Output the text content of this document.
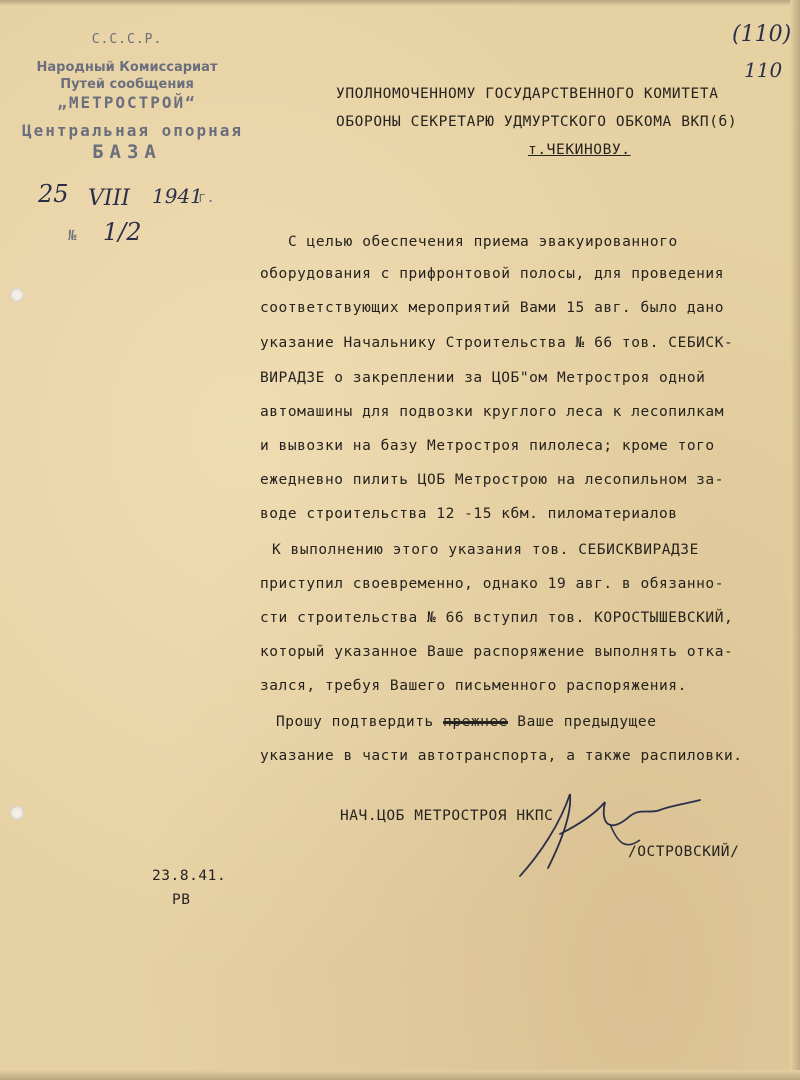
(110)
110
С.С.С.Р.
Народный Комиссариат
Путей сообщения
„МЕТРОСТРОЙ“
Центральная опорная
БАЗА
25 VIII 1941
г.
№ 1/2
УПОЛНОМОЧЕННОМУ ГОСУДАРСТВЕННОГО КОМИТЕТА
ОБОРОНЫ СЕКРЕТАРЮ УДМУРТСКОГО ОБКОМА ВКП(б)
т.ЧЕКИНОВУ.
С целью обеспечения приема эвакуированного
оборудования с прифронтовой полосы, для проведения
соответствующих мероприятий Вами 15 авг. было дано
указание Начальнику Строительства № 66 тов. СЕБИСК-
ВИРАДЗЕ о закреплении за ЦОБ"ом Метростроя одной
автомашины для подвозки круглого леса к лесопилкам
и вывозки на базу Метростроя пилолеса; кроме того
ежедневно пилить ЦОБ Метрострою на лесопильном за-
воде строительства 12 -15 кбм. пиломатериалов
К выполнению этого указания тов. СЕБИСКВИРАДЗЕ
приступил своевременно, однако 19 авг. в обязанно-
сти строительства № 66 вступил тов. КОРОСТЫШЕВСКИЙ,
который указанное Ваше распоряжение выполнять отка-
зался, требуя Вашего письменного распоряжения.
Прошу подтвердить прежнее Ваше предыдущее
указание в части автотранспорта, а также распиловки.
НАЧ.ЦОБ МЕТРОСТРОЯ НКПС
/ОСТРОВСКИЙ/
23.8.41.
РВ
